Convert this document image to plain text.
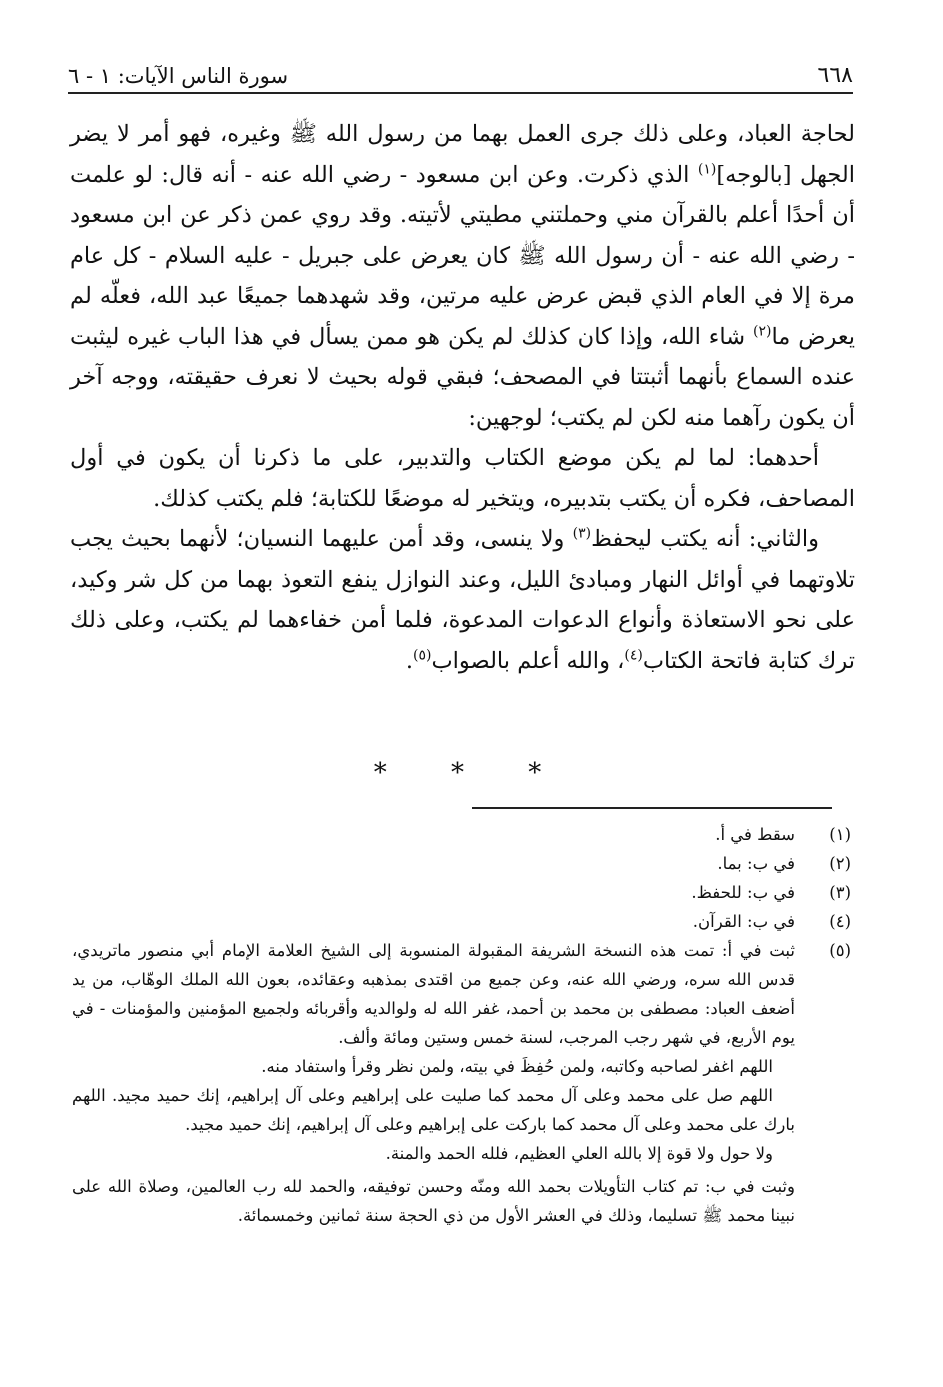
٦٦٨
سورة الناس الآيات: ١ - ٦

لحاجة العباد، وعلى ذلك جرى العمل بهما من رسول الله ﷺ وغيره، فهو أمر لا يضر الجهل [بالوجه]$^{(١)}$ الذي ذكرت. وعن ابن مسعود - رضي الله عنه - أنه قال: لو علمت أن أحدًا أعلم بالقرآن مني وحملتني مطيتي لأتيته. وقد روي عمن ذكر عن ابن مسعود - رضي الله عنه - أن رسول الله ﷺ كان يعرض على جبريل - عليه السلام - كل عام مرة إلا في العام الذي قبض عرض عليه مرتين، وقد شهدهما جميعًا عبد الله، فعلّه لم يعرض ما$^{(٢)}$ شاء الله، وإذا كان كذلك لم يكن هو ممن يسأل في هذا الباب غيره ليثبت عنده السماع بأنهما أثبتتا في المصحف؛ فبقي قوله بحيث لا نعرف حقيقته، ووجه آخر أن يكون رآهما منه لكن لم يكتب؛ لوجهين:

أحدهما: لما لم يكن موضع الكتاب والتدبير، على ما ذكرنا أن يكون في أول المصاحف، فكره أن يكتب بتدبيره، ويتخير له موضعًا للكتابة؛ فلم يكتب كذلك.

والثاني: أنه يكتب ليحفظ$^{(٣)}$ ولا ينسى، وقد أمن عليهما النسيان؛ لأنهما بحيث يجب تلاوتهما في أوائل النهار ومبادئ الليل، وعند النوازل ينفع التعوذ بهما من كل شر وكيد، على نحو الاستعاذة وأنواع الدعوات المدعوة، فلما أمن خفاءهما لم يكتب، وعلى ذلك ترك كتابة فاتحة الكتاب$^{(٤)}$، والله أعلم بالصواب$^{(٥)}$.

* * *
(١)
سقط في أ.
(٢)
في ب: بما.
(٣)
في ب: للحفظ.
(٤)
في ب: القرآن.
(٥)
ثبت في أ: تمت هذه النسخة الشريفة المقبولة المنسوبة إلى الشيخ العلامة الإمام أبي منصور ماتريدي، قدس الله سره، ورضي الله عنه، وعن جميع من اقتدى بمذهبه وعقائده، بعون الله الملك الوهّاب، من يد أضعف العباد: مصطفى بن محمد بن أحمد، غفر الله له ولوالديه وأقربائه ولجميع المؤمنين والمؤمنات - في يوم الأربع، في شهر رجب المرجب، لسنة خمس وستين ومائة وألف.
اللهم اغفر لصاحبه وكاتبه، ولمن حُفِظَ في بيته، ولمن نظر وقرأ واستفاد منه.
اللهم صل على محمد وعلى آل محمد كما صليت على إبراهيم وعلى آل إبراهيم، إنك حميد مجيد. اللهم بارك على محمد وعلى آل محمد كما باركت على إبراهيم وعلى آل إبراهيم، إنك حميد مجيد.
ولا حول ولا قوة إلا بالله العلي العظيم، فلله الحمد والمنة.
وثبت في ب: تم كتاب التأويلات بحمد الله ومنّه وحسن توفيقه، والحمد لله رب العالمين، وصلاة الله على نبينا محمد ﷺ تسليما، وذلك في العشر الأول من ذي الحجة سنة ثمانين وخمسمائة.
